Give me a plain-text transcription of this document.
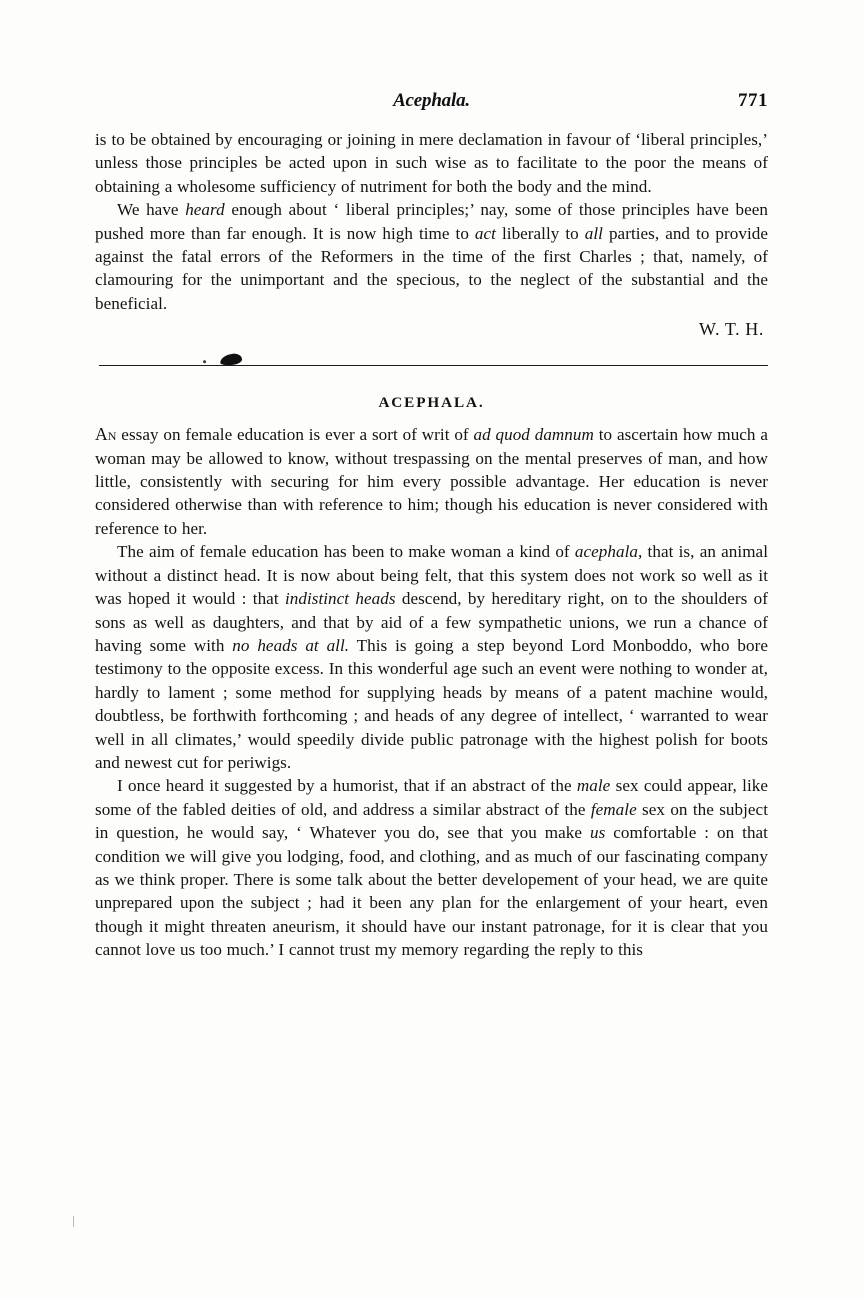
Acephala.	771

is to be obtained by encouraging or joining in mere declamation in favour of ‘liberal principles,’ unless those principles be acted upon in such wise as to facilitate to the poor the means of obtaining a wholesome sufficiency of nutriment for both the body and the mind.

We have heard enough about ‘ liberal principles;’ nay, some of those principles have been pushed more than far enough. It is now high time to act liberally to all parties, and to provide against the fatal errors of the Reformers in the time of the first Charles ; that, namely, of clamouring for the unimportant and the specious, to the neglect of the substantial and the beneficial.

W. T. H.

ACEPHALA.

An essay on female education is ever a sort of writ of ad quod damnum to ascertain how much a woman may be allowed to know, without trespassing on the mental preserves of man, and how little, consistently with securing for him every possible advantage. Her education is never considered otherwise than with reference to him; though his education is never considered with reference to her.

The aim of female education has been to make woman a kind of acephala, that is, an animal without a distinct head. It is now about being felt, that this system does not work so well as it was hoped it would : that indistinct heads descend, by hereditary right, on to the shoulders of sons as well as daughters, and that by aid of a few sympathetic unions, we run a chance of having some with no heads at all. This is going a step beyond Lord Monboddo, who bore testimony to the opposite excess. In this wonderful age such an event were nothing to wonder at, hardly to lament ; some method for supplying heads by means of a patent machine would, doubtless, be forthwith forthcoming ; and heads of any degree of intellect, ‘ warranted to wear well in all climates,’ would speedily divide public patronage with the highest polish for boots and newest cut for periwigs.

I once heard it suggested by a humorist, that if an abstract of the male sex could appear, like some of the fabled deities of old, and address a similar abstract of the female sex on the subject in question, he would say, ‘ Whatever you do, see that you make us comfortable : on that condition we will give you lodging, food, and clothing, and as much of our fascinating company as we think proper. There is some talk about the better developement of your head, we are quite unprepared upon the subject ; had it been any plan for the enlargement of your heart, even though it might threaten aneurism, it should have our instant patronage, for it is clear that you cannot love us too much.’ I cannot trust my memory regarding the reply to this
